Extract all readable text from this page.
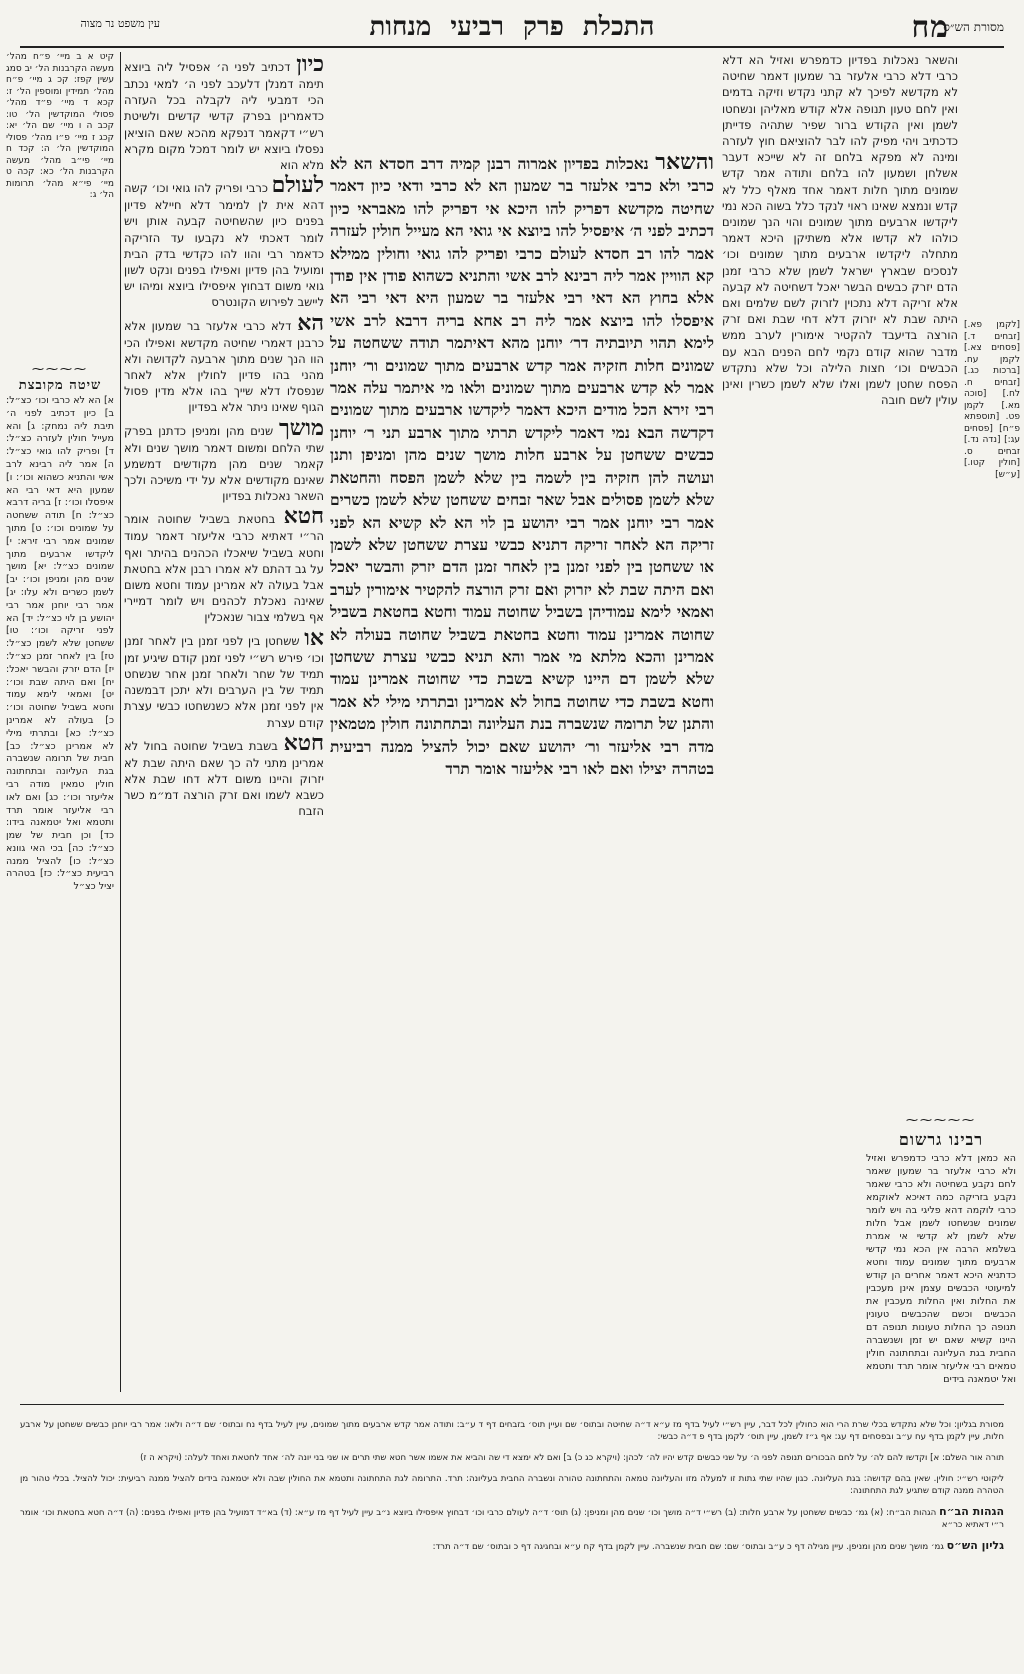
מח
התכלת פרק רביעי מנחות
עין משפט נר מצוה	מסורת הש״ס

[לקמן פא.] [זבחים ד.] [פסחים צא.] לקמן עח. [ברכות כג.] [זבחים ח. לח.] [סוכה מא.] לקמן פט. [תוספתא פ״ח] [פסחים עג:] [נדה נד.] זבחים ס. [חולין קטו.] [ע״ש]

והשאר נאכלות בפדיון כדמפרש ואזיל הא דלא כרבי דלא כרבי אלעזר בר שמעון דאמר שחיטה לא מקדשא לפיכך לא קתני נקדש וזיקה בדמים ואין לחם טעון תנופה אלא קודש מאליהן ונשחטו לשמן ואין הקודש ברור שפיר שתהיה פדייתן כדכתיב ויהי מפיק להו לבר להוציאם חוץ לעזרה ומינה לא מפקא בלחם זה לא שייכא דעבר אשלחן ושמעון להו בלחם ותודה אמר קדש שמונים מתוך חלות דאמר אחד מאלף כלל לא קדש ונמצא שאינו ראוי לנקד כלל בשוה הכא נמי ליקדשו ארבעים מתוך שמונים והוי הנך שמונים כולהו לא קדשו אלא משתיקן היכא דאמר מתחלה ליקדשו ארבעים מתוך שמונים וכו׳ לנסכים שבארץ ישראל לשמן שלא כרבי זמנן הדם יזרק כבשים הבשר יאכל דשחיטה לא קבעה אלא זריקה דלא נתכוין לזרוק לשם שלמים ואם היתה שבת לא יזרוק דלא דחי שבת ואם זרק הורצה בדיעבד להקטיר אימורין לערב ממש מדבר שהוא קודם נקמי לחם הפנים הבא עם הכבשים וכו׳ חצות הלילה וכל שלא נתקדש הפסח שחטן לשמן ואלו שלא לשמן כשרין ואינן עולין לשם חובה

⁓⁓⁓⁓⁓
רבינו גרשום

הא כמאן דלא כרבי כדמפרש ואזיל ולא כרבי אלעזר בר שמעון שאמר לחם נקבע בשחיטה ולא כרבי שאמר נקבע בזריקה כמה דאיכא לאוקמא כרבי לוקמה דהא פליגי בה ויש לומר שמונים שנשחטו לשמן אבל חלות שלא לשמן לא קדשי אי אמרת בשלמא הרבה אין הכא נמי קדשי ארבעים מתוך שמונים עמוד וחטא כדתניא היכא דאמר אחרים הן קודש למיעוטי הכבשים עצמן אינן מעכבין את החלות ואין החלות מעכבין את הכבשים וכשם שהכבשים טעונין תנופה כך החלות טעונות תנופה דם היינו קשיא שאם יש זמן ושנשברה החבית בגת העליונה ובתחתונה חולין טמאים רבי אליעזר אומר תרד ותטמא ואל יטמאנה בידים

והשאר נאכלות בפדיון אמרוה רבנן קמיה דרב חסדא הא לא כרבי ולא כרבי אלעזר בר שמעון הא לא כרבי ודאי כיון דאמר שחיטה מקדשא דפריק להו היכא אי דפריק להו מאבראי כיון דכתיב לפני ה׳ איפסיל להו ביוצא אי גואי הא מעייל חולין לעזרה אמר להו רב חסדא לעולם כרבי ופריק להו גואי וחולין ממילא קא הוויין אמר ליה רבינא לרב אשי והתניא כשהוא פודן אין פודן אלא בחוץ הא דאי רבי אלעזר בר שמעון היא דאי רבי הא איפסלו להו ביוצא אמר ליה רב אחא בריה דרבא לרב אשי לימא תהוי תיובתיה דר׳ יוחנן מהא דאיתמר תודה ששחטה על שמונים חלות חזקיה אמר קדש ארבעים מתוך שמונים ור׳ יוחנן אמר לא קדש ארבעים מתוך שמונים ולאו מי איתמר עלה אמר רבי זירא הכל מודים היכא דאמר ליקדשו ארבעים מתוך שמונים דקדשה הבא נמי דאמר ליקדש תרתי מתוך ארבע תני ר׳ יוחנן כבשים ששחטן על ארבע חלות מושך שנים מהן ומניפן ותנן ועושה להן חזקיה בין לשמה בין שלא לשמן הפסח והחטאת שלא לשמן פסולים אבל שאר זבחים ששחטן שלא לשמן כשרים אמר רבי יוחנן אמר רבי יהושע בן לוי הא לא קשיא הא לפני זריקה הא לאחר זריקה דתניא כבשי עצרת ששחטן שלא לשמן או ששחטן בין לפני זמנן בין לאחר זמנן הדם יזרק והבשר יאכל ואם היתה שבת לא יזרוק ואם זרק הורצה להקטיר אימורין לערב ואמאי לימא עמודיהן בשביל שחוטה עמוד וחטא בחטאת בשביל שחוטה אמרינן עמוד וחטא בחטאת בשביל שחוטה בעולה לא אמרינן והכא מלתא מי אמר והא תניא כבשי עצרת ששחטן שלא לשמן דם היינו קשיא בשבת כדי שחוטה אמרינן עמוד וחטא בשבת כדי שחוטה בחול לא אמרינן ובתרתי מילי לא אמר והתנן של תרומה שנשברה בנת העליונה ובתחתונה חולין מטמאין מדה רבי אליעזר ור׳ יהושע שאם יכול להציל ממנה רביעית בטהרה יצילו ואם לאו רבי אליעזר אומר תרד

כיון דכתיב לפני ה׳ אפסיל ליה ביוצא תימה דמנלן דלעכב לפני ה׳ למאי נכתב הכי דמבעי ליה לקבלה בכל העזרה כדאמרינן בפרק קדשי קדשים ולשיטת רש״י דקאמר דנפקא מהכא שאם הוציאן נפסלו ביוצא יש לומר דמכל מקום מקרא מלא הוא

לעולם כרבי ופריק להו גואי וכו׳ קשה דהא אית לן למימר דלא חיילא פדיון בפנים כיון שהשחיטה קבעה אותן ויש לומר דאכתי לא נקבעו עד הזריקה כדאמר רבי והוו להו כקדשי בדק הבית ומועיל בהן פדיון ואפילו בפנים ונקט לשון גואי משום דבחוץ איפסילו ביוצא ומיהו יש ליישב לפירוש הקונטרס

הא דלא כרבי אלעזר בר שמעון אלא כרבנן דאמרי שחיטה מקדשא ואפילו הכי הוו הנך שנים מתוך ארבעה לקדושה ולא מהני בהו פדיון לחולין אלא לאחר שנפסלו דלא שייך בהו אלא מדין פסול הגוף שאינו ניתר אלא בפדיון

מושך שנים מהן ומניפן כדתנן בפרק שתי הלחם ומשום דאמר מושך שנים ולא קאמר שנים מהן מקודשים דמשמע שאינם מקודשים אלא על ידי משיכה ולכך השאר נאכלות בפדיון

חטא בחטאת בשביל שחוטה אומר הר״י דאתיא כרבי אליעזר דאמר עמוד וחטא בשביל שיאכלו הכהנים בהיתר ואף על גב דהתם לא אמרו רבנן אלא בחטאת אבל בעולה לא אמרינן עמוד וחטא משום שאינה נאכלת לכהנים ויש לומר דמיירי אף בשלמי צבור שנאכלין

או ששחטן בין לפני זמנן בין לאחר זמנן וכו׳ פירש רש״י לפני זמנן קודם שיגיע זמן תמיד של שחר ולאחר זמנן אחר שנשחט תמיד של בין הערבים ולא יתכן דבמשנה אין לפני זמנן אלא כשנשחטו כבשי עצרת קודם עצרת

חטא בשבת בשביל שחוטה בחול לא אמרינן מתני לה כך שאם היתה שבת לא יזרוק והיינו משום דלא דחו שבת אלא כשבא לשמו ואם זרק הורצה דמ״מ כשר הזבח

קיט א ב מיי׳ פ״ח מהל׳ מעשה הקרבנות הל׳ יב סמג עשין קפז: קכ ג מיי׳ פ״ח מהל׳ תמידין ומוספין הל׳ ז: קכא ד מיי׳ פ״ד מהל׳ פסולי המוקדשין הל׳ טו: קכב ה ו מיי׳ שם הל׳ יא: קכג ז מיי׳ פ״ו מהל׳ פסולי המוקדשין הל׳ ה: קכד ח מיי׳ פי״ב מהל׳ מעשה הקרבנות הל׳ כא: קכה ט מיי׳ פי״א מהל׳ תרומות הל׳ ג:

⁓⁓⁓⁓
שיטה מקובצת

א] הא לא כרבי וכו׳ כצ״ל: ב] כיון דכתיב לפני ה׳ תיבת ליה נמחק: ג] והא מעייל חולין לעזרה כצ״ל: ד] ופריק להו גואי כצ״ל: ה] אמר ליה רבינא לרב אשי והתניא כשהוא וכו׳: ו] שמעון היא דאי רבי הא איפסלו וכו׳: ז] בריה דרבא כצ״ל: ח] תודה ששחטה על שמונים וכו׳: ט] מתוך שמונים אמר רבי זירא: י] ליקדשו ארבעים מתוך שמונים כצ״ל: יא] מושך שנים מהן ומניפן וכו׳: יב] לשמן כשרים ולא עלו: יג] אמר רבי יוחנן אמר רבי יהושע בן לוי כצ״ל: יד] הא לפני זריקה וכו׳: טו] ששחטן שלא לשמן כצ״ל: טז] בין לאחר זמנן כצ״ל: יז] הדם יזרק והבשר יאכל: יח] ואם היתה שבת וכו׳: יט] ואמאי לימא עמוד וחטא בשביל שחוטה וכו׳: כ] בעולה לא אמרינן כצ״ל: כא] ובתרתי מילי לא אמרינן כצ״ל: כב] חבית של תרומה שנשברה בגת העליונה ובתחתונה חולין טמאין מודה רבי אליעזר וכו׳: כג] ואם לאו רבי אליעזר אומר תרד ותטמא ואל יטמאנה בידו: כד] וכן חבית של שמן כצ״ל: כה] בכי האי גוונא כצ״ל: כו] להציל ממנה רביעית כצ״ל: כז] בטהרה יציל כצ״ל

מסורת בגליון: וכל שלא נתקדש בכלי שרת הרי הוא כחולין לכל דבר, עיין רש״י לעיל בדף מז ע״א ד״ה שחיטה ובתוס׳ שם ועיין תוס׳ בזבחים דף ד ע״ב: ותודה אמר קדש ארבעים מתוך שמונים, עיין לעיל בדף נח ובתוס׳ שם ד״ה ולאו: אמר רבי יוחנן כבשים ששחטן על ארבע חלות, עיין לקמן בדף עח ע״ב ובפסחים דף עג: אף ג״ז לשמן, עיין תוס׳ לקמן בדף פ ד״ה כבשי:

תורה אור השלם: א] וקדשו להם לה׳ על לחם הבכורים תנופה לפני ה׳ על שני כבשים קדש יהיו לה׳ לכהן: (ויקרא כג כ) ב] ואם לא ימצא די שה והביא את אשמו אשר חטא שתי תרים או שני בני יונה לה׳ אחד לחטאת ואחד לעלה: (ויקרא ה ז)

ליקוטי רש״י: חולין. שאין בהם קדושה: בגת העליונה. כגון שהיו שתי גתות זו למעלה מזו והעליונה טמאה והתחתונה טהורה ונשברה החבית בעליונה: תרד. התרומה לגת התחתונה ותטמא את החולין שבה ולא יטמאנה בידים להציל ממנה רביעית: יכול להציל. בכלי טהור מן הטהרה ממנה קודם שתגיע לגת התחתונה:

הגהות הב״ח הגהות הב״ח: (א) גמ׳ כבשים ששחטן על ארבע חלות: (ב) רש״י ד״ה מושך וכו׳ שנים מהן ומניפן: (ג) תוס׳ ד״ה לעולם כרבי וכו׳ דבחוץ איפסילו ביוצא נ״ב עיין לעיל דף מז ע״א: (ד) בא״ד דמועיל בהן פדיון ואפילו בפנים: (ה) ד״ה חטא בחטאת וכו׳ אומר ר״י דאתיא כר״א

גליון הש״ס גמ׳ מושך שנים מהן ומניפן. עיין מגילה דף כ ע״ב ובתוס׳ שם: שם חבית שנשברה. עיין לקמן בדף קח ע״א ובחגיגה דף כ ובתוס׳ שם ד״ה תרד:
